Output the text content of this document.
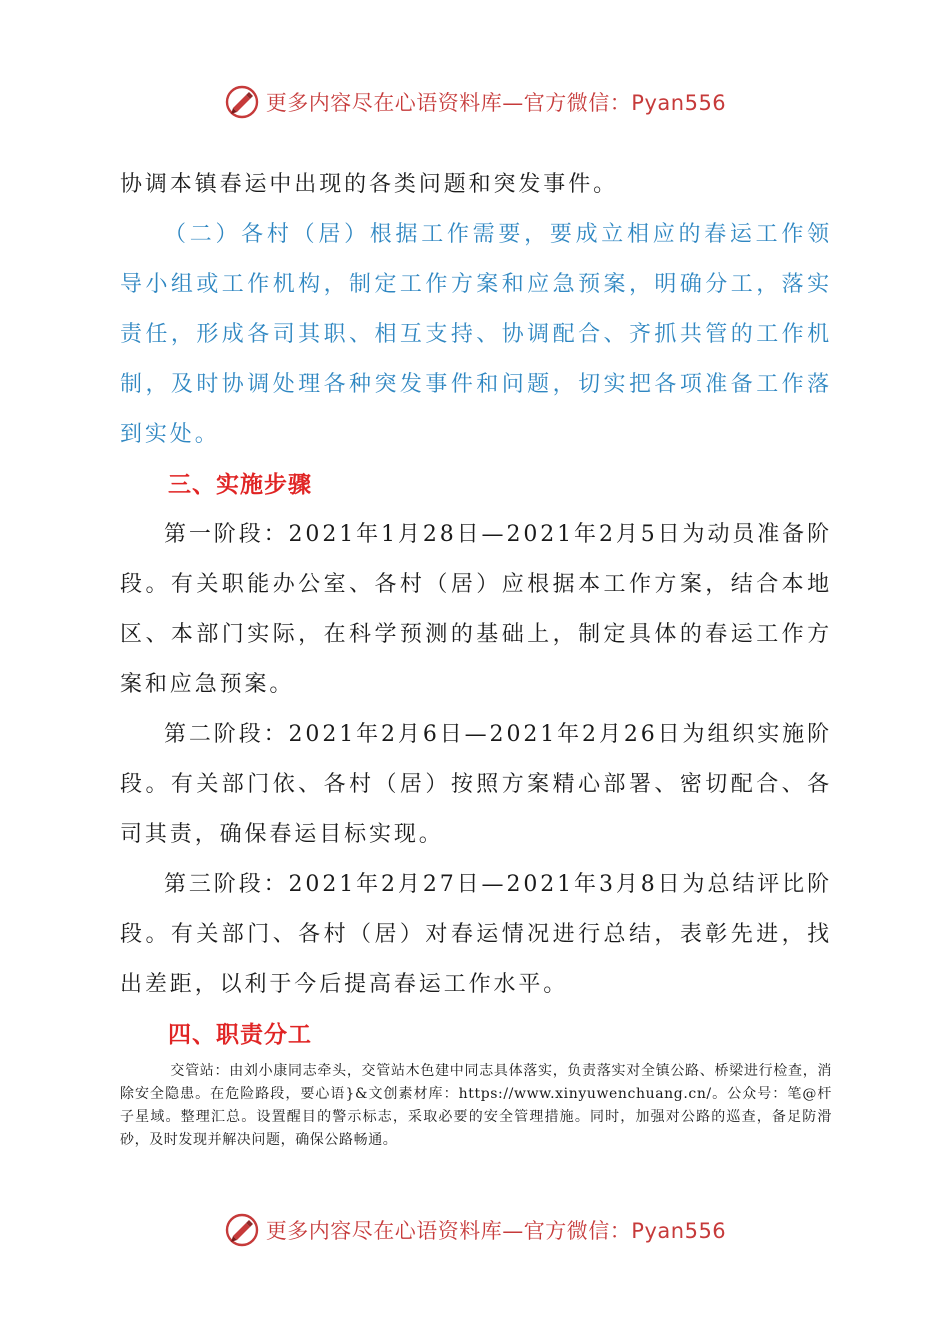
更多内容尽在心语资料库—官方微信：Pyan556

协调本镇春运中出现的各类问题和突发事件。

（二）各村（居）根据工作需要，要成立相应的春运工作领导小组或工作机构，制定工作方案和应急预案，明确分工，落实责任，形成各司其职、相互支持、协调配合、齐抓共管的工作机制，及时协调处理各种突发事件和问题，切实把各项准备工作落到实处。

三、实施步骤

第一阶段：2021年1月28日—2021年2月5日为动员准备阶段。有关职能办公室、各村（居）应根据本工作方案，结合本地区、本部门实际，在科学预测的基础上，制定具体的春运工作方案和应急预案。

第二阶段：2021年2月6日—2021年2月26日为组织实施阶段。有关部门依、各村（居）按照方案精心部署、密切配合、各司其责，确保春运目标实现。

第三阶段：2021年2月27日—2021年3月8日为总结评比阶段。有关部门、各村（居）对春运情况进行总结，表彰先进，找出差距，以利于今后提高春运工作水平。

四、职责分工

交管站：由刘小康同志牵头，交管站木色建中同志具体落实，负责落实对全镇公路、桥梁进行检查，消除安全隐患。在危险路段，要心语}&文创素材库：https://www.xinyuwenchuang.cn/。公众号：笔@杆子星域。整理汇总。设置醒目的警示标志，采取必要的安全管理措施。同时，加强对公路的巡查，备足防滑砂，及时发现并解决问题，确保公路畅通。

更多内容尽在心语资料库—官方微信：Pyan556
